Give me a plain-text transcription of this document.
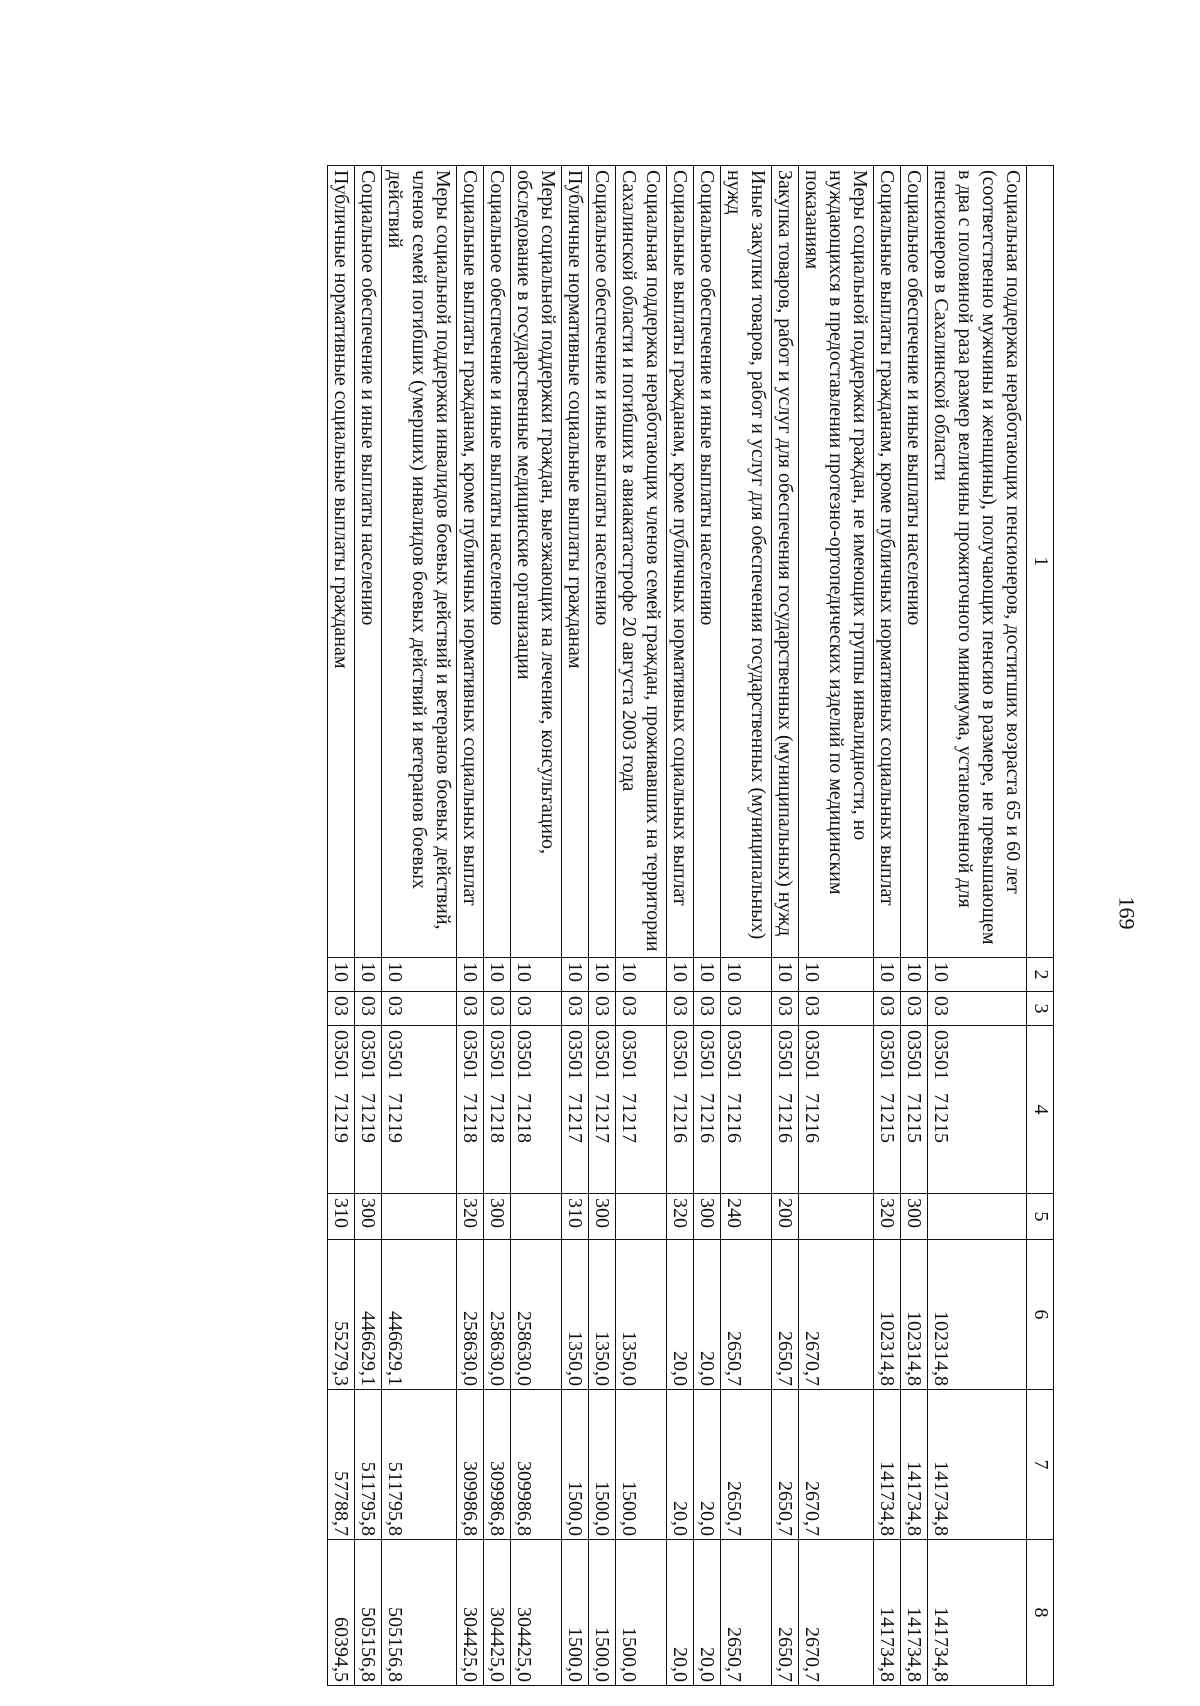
169
1	2	3	4	5	6	7	8
Социальная поддержка неработающих пенсионеров, достигших возраста 65 и 60 лет (соответственно мужчины и женщины), получающих пенсию в размере, не превышающем в два с половиной раза размер величины прожиточного минимума, установленной для пенсионеров в Сахалинской области	10	03	03501 71215		102314,8	141734,8	141734,8
Социальное обеспечение и иные выплаты населению	10	03	03501 71215	300	102314,8	141734,8	141734,8
Социальные выплаты гражданам, кроме публичных нормативных социальных выплат	10	03	03501 71215	320	102314,8	141734,8	141734,8
Меры социальной поддержки граждан, не имеющих группы инвалидности, но нуждающихся в предоставлении протезно-ортопедических изделий по медицинским показаниям	10	03	03501 71216		2670,7	2670,7	2670,7
Закупка товаров, работ и услуг для обеспечения государственных (муниципальных) нужд	10	03	03501 71216	200	2650,7	2650,7	2650,7
Иные закупки товаров, работ и услуг для обеспечения государственных (муниципальных) нужд	10	03	03501 71216	240	2650,7	2650,7	2650,7
Социальное обеспечение и иные выплаты населению	10	03	03501 71216	300	20,0	20,0	20,0
Социальные выплаты гражданам, кроме публичных нормативных социальных выплат	10	03	03501 71216	320	20,0	20,0	20,0
Социальная поддержка неработающих членов семей граждан, проживавших на территории Сахалинской области и погибших в авиакатастрофе 20 августа 2003 года	10	03	03501 71217		1350,0	1500,0	1500,0
Социальное обеспечение и иные выплаты населению	10	03	03501 71217	300	1350,0	1500,0	1500,0
Публичные нормативные социальные выплаты гражданам	10	03	03501 71217	310	1350,0	1500,0	1500,0
Меры социальной поддержки граждан, выезжающих на лечение, консультацию, обследование в государственные медицинские организации	10	03	03501 71218		258630,0	309986,8	304425,0
Социальное обеспечение и иные выплаты населению	10	03	03501 71218	300	258630,0	309986,8	304425,0
Социальные выплаты гражданам, кроме публичных нормативных социальных выплат	10	03	03501 71218	320	258630,0	309986,8	304425,0
Меры социальной поддержки инвалидов боевых действий и ветеранов боевых действий, членов семей погибших (умерших) инвалидов боевых действий и ветеранов боевых действий	10	03	03501 71219		446629,1	511795,8	505156,8
Социальное обеспечение и иные выплаты населению	10	03	03501 71219	300	446629,1	511795,8	505156,8
Публичные нормативные социальные выплаты гражданам	10	03	03501 71219	310	55279,3	57788,7	60394,5
